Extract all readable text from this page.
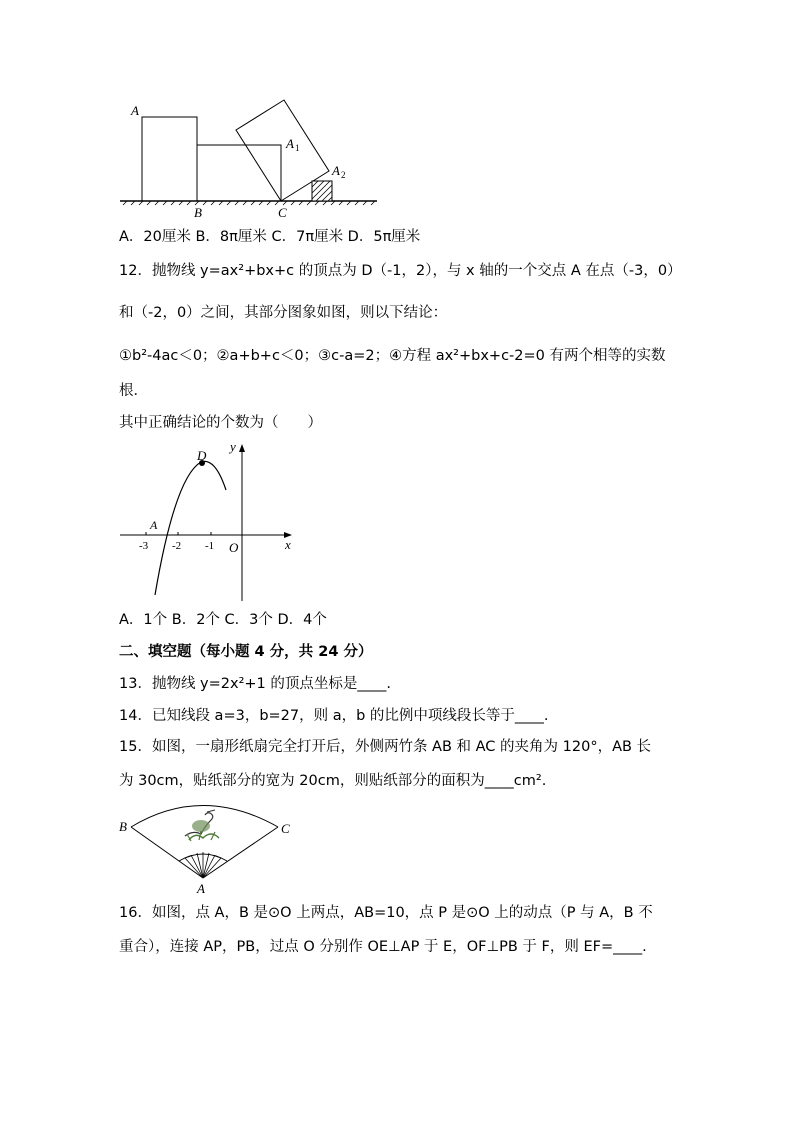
A
B	C
A 1
A 2
A．20厘米 B．8π厘米 C．7π厘米 D．5π厘米
12．抛物线 y=ax²+bx+c 的顶点为 D（-1，2），与 x 轴的一个交点 A 在点（-3，0）
和（-2，0）之间，其部分图象如图，则以下结论：
①b²-4ac＜0；②a+b+c＜0；③c-a=2；④方程 ax²+bx+c-2=0 有两个相等的实数
根．
其中正确结论的个数为（　　）
y
x
D
A
O
-3 -2 -1
A．1个 B．2个 C．3个 D．4个
二、填空题（每小题 4 分，共 24 分）
13．抛物线 y=2x²+1 的顶点坐标是____.
14．已知线段 a=3，b=27，则 a，b 的比例中项线段长等于____.
15．如图，一扇形纸扇完全打开后，外侧两竹条 AB 和 AC 的夹角为 120°，AB 长
为 30cm，贴纸部分的宽为 20cm，则贴纸部分的面积为____cm².
B	C
A
16．如图，点 A，B 是⊙O 上两点，AB=10，点 P 是⊙O 上的动点（P 与 A，B 不
重合），连接 AP，PB，过点 O 分别作 OE⊥AP 于 E，OF⊥PB 于 F，则 EF=____.
